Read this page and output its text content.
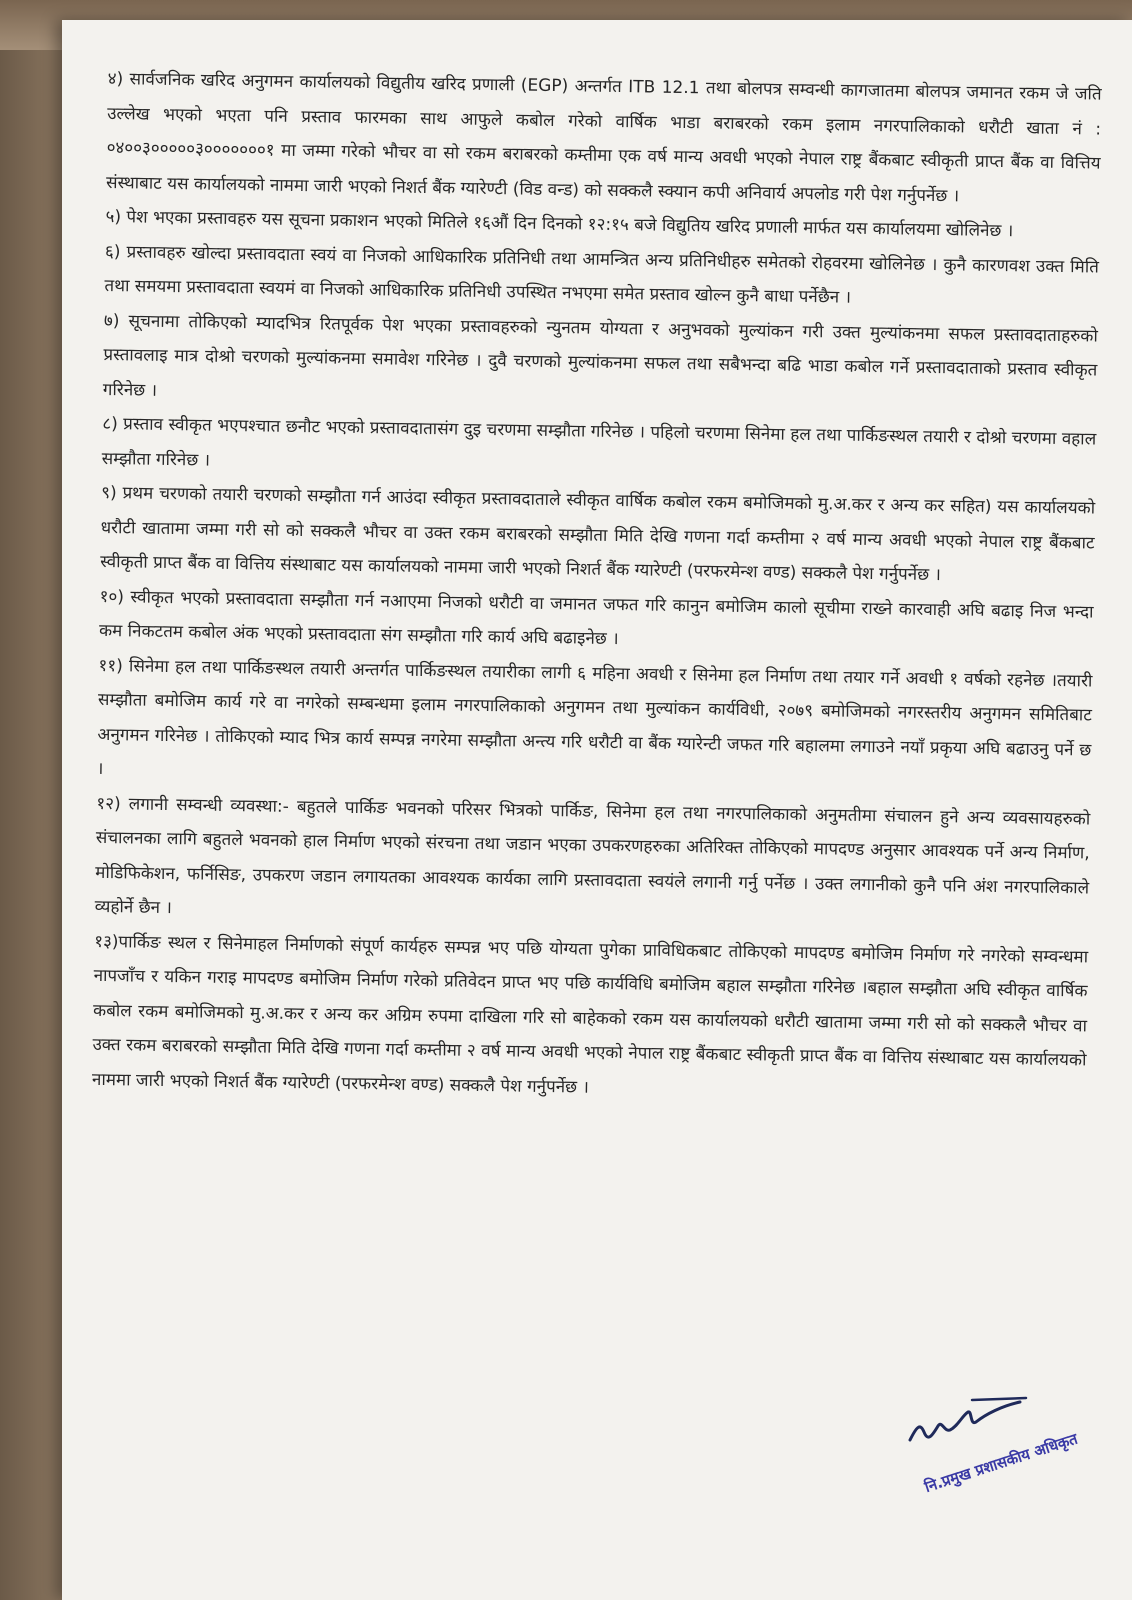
४) सार्वजनिक खरिद अनुगमन कार्यालयको विद्युतीय खरिद प्रणाली (EGP) अन्तर्गत ITB 12.1 तथा बोलपत्र सम्वन्धी कागजातमा बोलपत्र जमानत रकम जे जति उल्लेख भएको भएता पनि प्रस्ताव फारमका साथ आफुले कबोल गरेको वार्षिक भाडा बराबरको रकम इलाम नगरपालिकाको धरौटी खाता नं : ०४००३०००००३०००००००१ मा जम्मा गरेको भौचर वा सो रकम बराबरको कम्तीमा एक वर्ष मान्य अवधी भएको नेपाल राष्ट्र बैंकबाट स्वीकृती प्राप्त बैंक वा वित्तिय संस्थाबाट यस कार्यालयको नाममा जारी भएको निशर्त बैंक ग्यारेण्टी (विड वन्ड) को सक्कलै स्क्यान कपी अनिवार्य अपलोड गरी पेश गर्नुपर्नेछ ।

५) पेश भएका प्रस्तावहरु यस सूचना प्रकाशन भएको मितिले १६औं दिन दिनको १२:१५ बजे विद्युतिय खरिद प्रणाली मार्फत यस कार्यालयमा खोलिनेछ ।

६) प्रस्तावहरु खोल्दा प्रस्तावदाता स्वयं वा निजको आधिकारिक प्रतिनिधी तथा आमन्त्रित अन्य प्रतिनिधीहरु समेतको रोहवरमा खोलिनेछ । कुनै कारणवश उक्त मिति तथा समयमा प्रस्तावदाता स्वयमं वा निजको आधिकारिक प्रतिनिधी उपस्थित नभएमा समेत प्रस्ताव खोल्न कुनै बाधा पर्नेछैन ।

७) सूचनामा तोकिएको म्यादभित्र रितपूर्वक पेश भएका प्रस्तावहरुको न्युनतम योग्यता र अनुभवको मुल्यांकन गरी उक्त मुल्यांकनमा सफल प्रस्तावदाताहरुको प्रस्तावलाइ मात्र दोश्रो चरणको मुल्यांकनमा समावेश गरिनेछ । दुवै चरणको मुल्यांकनमा सफल तथा सबैभन्दा बढि भाडा कबोल गर्ने प्रस्तावदाताको प्रस्ताव स्वीकृत गरिनेछ ।

८) प्रस्ताव स्वीकृत भएपश्चात छनौट भएको प्रस्तावदातासंग दुइ चरणमा सम्झौता गरिनेछ । पहिलो चरणमा सिनेमा हल तथा पार्किङस्थल तयारी र दोश्रो चरणमा वहाल सम्झौता गरिनेछ ।

९) प्रथम चरणको तयारी चरणको सम्झौता गर्न आउंदा स्वीकृत प्रस्तावदाताले स्वीकृत वार्षिक कबोल रकम बमोजिमको मु.अ.कर र अन्य कर सहित) यस कार्यालयको धरौटी खातामा जम्मा गरी सो को सक्कलै भौचर वा उक्त रकम बराबरको सम्झौता मिति देखि गणना गर्दा कम्तीमा २ वर्ष मान्य अवधी भएको नेपाल राष्ट्र बैंकबाट स्वीकृती प्राप्त बैंक वा वित्तिय संस्थाबाट यस कार्यालयको नाममा जारी भएको निशर्त बैंक ग्यारेण्टी (परफरमेन्श वण्ड) सक्कलै पेश गर्नुपर्नेछ ।

१०) स्वीकृत भएको प्रस्तावदाता सम्झौता गर्न नआएमा निजको धरौटी वा जमानत जफत गरि कानुन बमोजिम कालो सूचीमा राख्ने कारवाही अघि बढाइ निज भन्दा कम निकटतम कबोल अंक भएको प्रस्तावदाता संग सम्झौता गरि कार्य अघि बढाइनेछ ।

११) सिनेमा हल तथा पार्किङस्थल तयारी अन्तर्गत पार्किङस्थल तयारीका लागी ६ महिना अवधी र सिनेमा हल निर्माण तथा तयार गर्ने अवधी १ वर्षको रहनेछ ।तयारी सम्झौता बमोजिम कार्य गरे वा नगरेको सम्बन्धमा इलाम नगरपालिकाको अनुगमन तथा मुल्यांकन कार्यविधी, २०७९ बमोजिमको नगरस्तरीय अनुगमन समितिबाट अनुगमन गरिनेछ । तोकिएको म्याद भित्र कार्य सम्पन्न नगरेमा सम्झौता अन्त्य गरि धरौटी वा बैंक ग्यारेन्टी जफत गरि बहालमा लगाउने नयाँ प्रकृया अघि बढाउनु पर्ने छ ।

१२) लगानी सम्वन्धी व्यवस्था:- बहुतले पार्किङ भवनको परिसर भित्रको पार्किङ, सिनेमा हल तथा नगरपालिकाको अनुमतीमा संचालन हुने अन्य व्यवसायहरुको संचालनका लागि बहुतले भवनको हाल निर्माण भएको संरचना तथा जडान भएका उपकरणहरुका अतिरिक्त तोकिएको मापदण्ड अनुसार आवश्यक पर्ने अन्य निर्माण, मोडिफिकेशन, फर्निसिङ, उपकरण जडान लगायतका आवश्यक कार्यका लागि प्रस्तावदाता स्वयंले लगानी गर्नु पर्नेछ । उक्त लगानीको कुनै पनि अंश नगरपालिकाले व्यहोर्ने छैन ।

१३)पार्किङ स्थल र सिनेमाहल निर्माणको संपूर्ण कार्यहरु सम्पन्न भए पछि योग्यता पुगेका प्राविधिकबाट तोकिएको मापदण्ड बमोजिम निर्माण गरे नगरेको सम्वन्धमा नापजाँच र यकिन गराइ मापदण्ड बमोजिम निर्माण गरेको प्रतिवेदन प्राप्त भए पछि कार्यविधि बमोजिम बहाल सम्झौता गरिनेछ ।बहाल सम्झौता अघि स्वीकृत वार्षिक कबोल रकम बमोजिमको मु.अ.कर र अन्य कर अग्रिम रुपमा दाखिला गरि सो बाहेकको रकम यस कार्यालयको धरौटी खातामा जम्मा गरी सो को सक्कलै भौचर वा उक्त रकम बराबरको सम्झौता मिति देखि गणना गर्दा कम्तीमा २ वर्ष मान्य अवधी भएको नेपाल राष्ट्र बैंकबाट स्वीकृती प्राप्त बैंक वा वित्तिय संस्थाबाट यस कार्यालयको नाममा जारी भएको निशर्त बैंक ग्यारेण्टी (परफरमेन्श वण्ड) सक्कलै पेश गर्नुपर्नेछ ।

नि.प्रमुख प्रशासकीय अधिकृत
